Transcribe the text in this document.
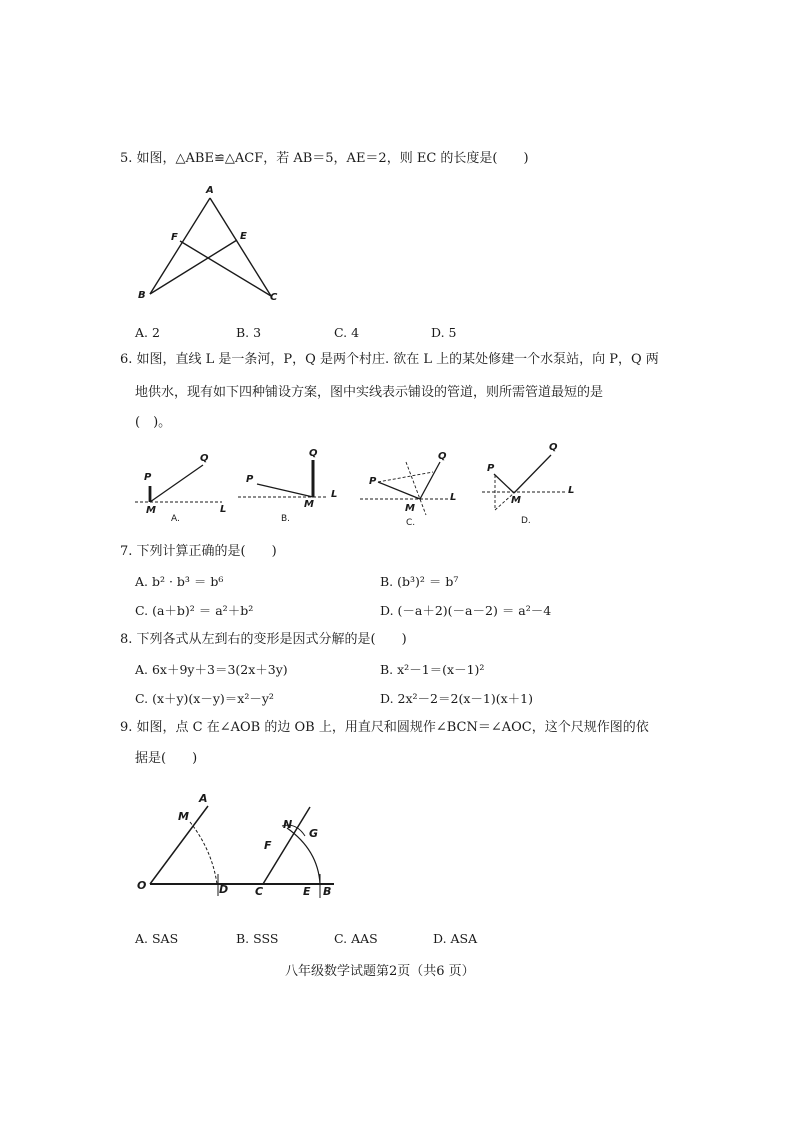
5. 如图，△ABE≌△ACF，若 AB＝5，AE＝2，则 EC 的长度是(　　)
A
F	E
B	C
A. 2	B. 3	C. 4	D. 5
6. 如图，直线 L 是一条河，P，Q 是两个村庄. 欲在 L 上的某处修建一个水泵站，向 P，Q 两
地供水，现有如下四种铺设方案，图中实线表示铺设的管道，则所需管道最短的是
(　)。
P
Q
M	L
A.
P
Q
M
L
B.
P
Q
M
L
C.
P
Q
M
L
D.
7. 下列计算正确的是(　　)
A. b² · b³ ＝ b⁶	B. (b³)² ＝ b⁷
C. (a＋b)² ＝ a²＋b²	D. (－a＋2)(－a－2) ＝ a²－4
8. 下列各式从左到右的变形是因式分解的是(　　)
A. 6x＋9y＋3＝3(2x＋3y)	B. x²－1＝(x－1)²
C. (x＋y)(x－y)＝x²－y²	D. 2x²－2＝2(x－1)(x＋1)
9. 如图，点 C 在∠AOB 的边 OB 上，用直尺和圆规作∠BCN＝∠AOC，这个尺规作图的依
据是(　　)
A
M
O	D
N
G
F
C	E B
A. SAS	B. SSS	C. AAS	D. ASA
八年级数学试题第2页（共6 页）
